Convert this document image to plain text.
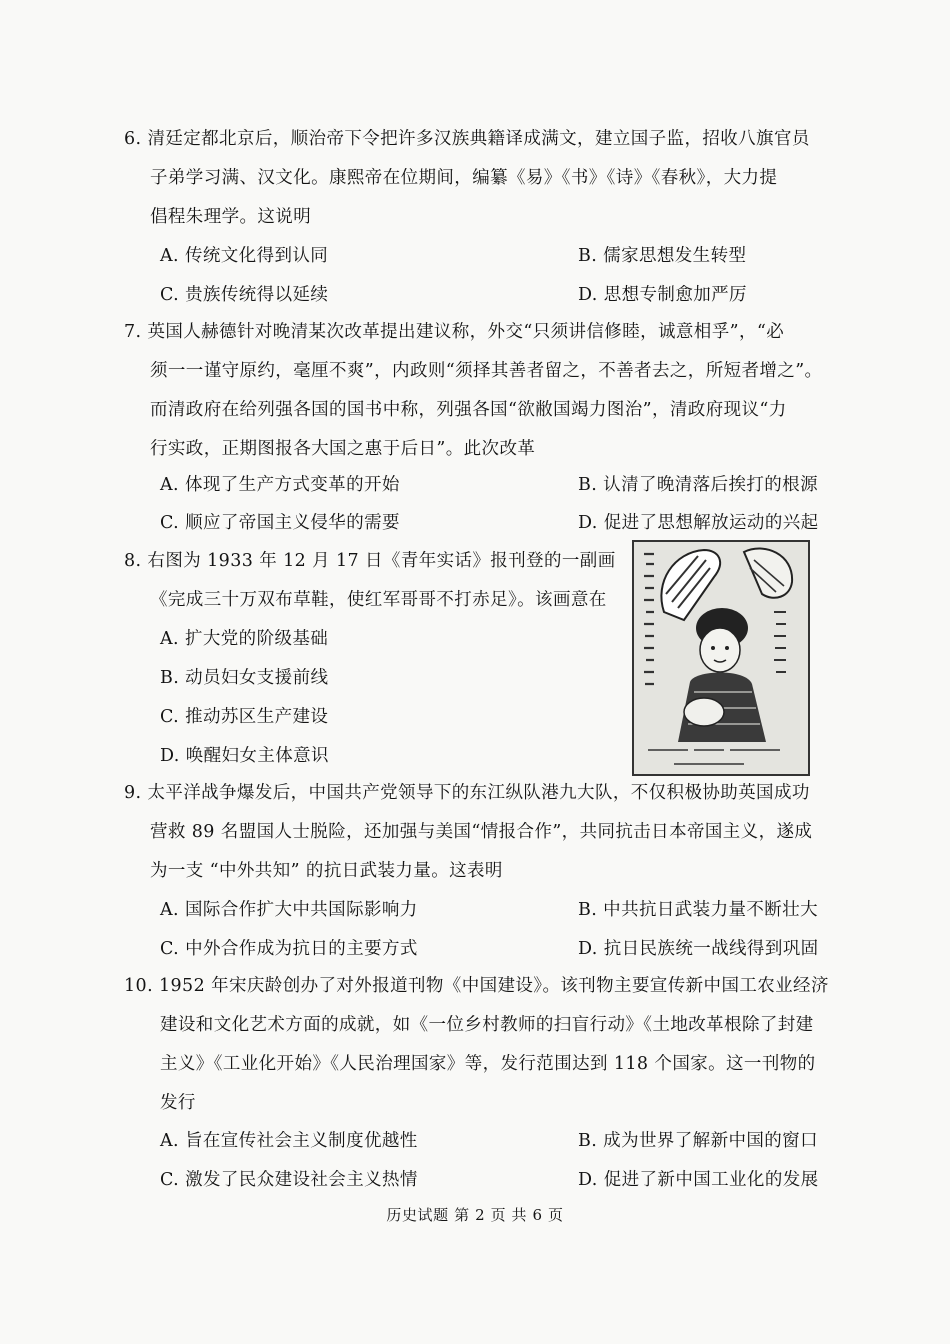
6. 清廷定都北京后，顺治帝下令把许多汉族典籍译成满文，建立国子监，招收八旗官员
子弟学习满、汉文化。康熙帝在位期间，编纂《易》《书》《诗》《春秋》，大力提
倡程朱理学。这说明
A. 传统文化得到认同	B. 儒家思想发生转型
C. 贵族传统得以延续	D. 思想专制愈加严厉
7. 英国人赫德针对晚清某次改革提出建议称，外交“只须讲信修睦，诚意相孚”，“必
须一一谨守原约，毫厘不爽”，内政则“须择其善者留之，不善者去之，所短者增之”。
而清政府在给列强各国的国书中称，列强各国“欲敝国竭力图治”，清政府现议“力
行实政，正期图报各大国之惠于后日”。此次改革
A. 体现了生产方式变革的开始	B. 认清了晚清落后挨打的根源
C. 顺应了帝国主义侵华的需要	D. 促进了思想解放运动的兴起
8. 右图为 1933 年 12 月 17 日《青年实话》报刊登的一副画
《完成三十万双布草鞋，使红军哥哥不打赤足》。该画意在
A. 扩大党的阶级基础
B. 动员妇女支援前线
C. 推动苏区生产建设
D. 唤醒妇女主体意识
9. 太平洋战争爆发后，中国共产党领导下的东江纵队港九大队，不仅积极协助英国成功
营救 89 名盟国人士脱险，还加强与美国“情报合作”，共同抗击日本帝国主义，遂成
为一支 “中外共知” 的抗日武装力量。这表明
A. 国际合作扩大中共国际影响力	B. 中共抗日武装力量不断壮大
C. 中外合作成为抗日的主要方式	D. 抗日民族统一战线得到巩固
10. 1952 年宋庆龄创办了对外报道刊物《中国建设》。该刊物主要宣传新中国工农业经济
建设和文化艺术方面的成就，如《一位乡村教师的扫盲行动》《土地改革根除了封建
主义》《工业化开始》《人民治理国家》等，发行范围达到 118 个国家。这一刊物的
发行
A. 旨在宣传社会主义制度优越性	B. 成为世界了解新中国的窗口
C. 激发了民众建设社会主义热情	D. 促进了新中国工业化的发展
历史试题 第 2 页 共 6 页
